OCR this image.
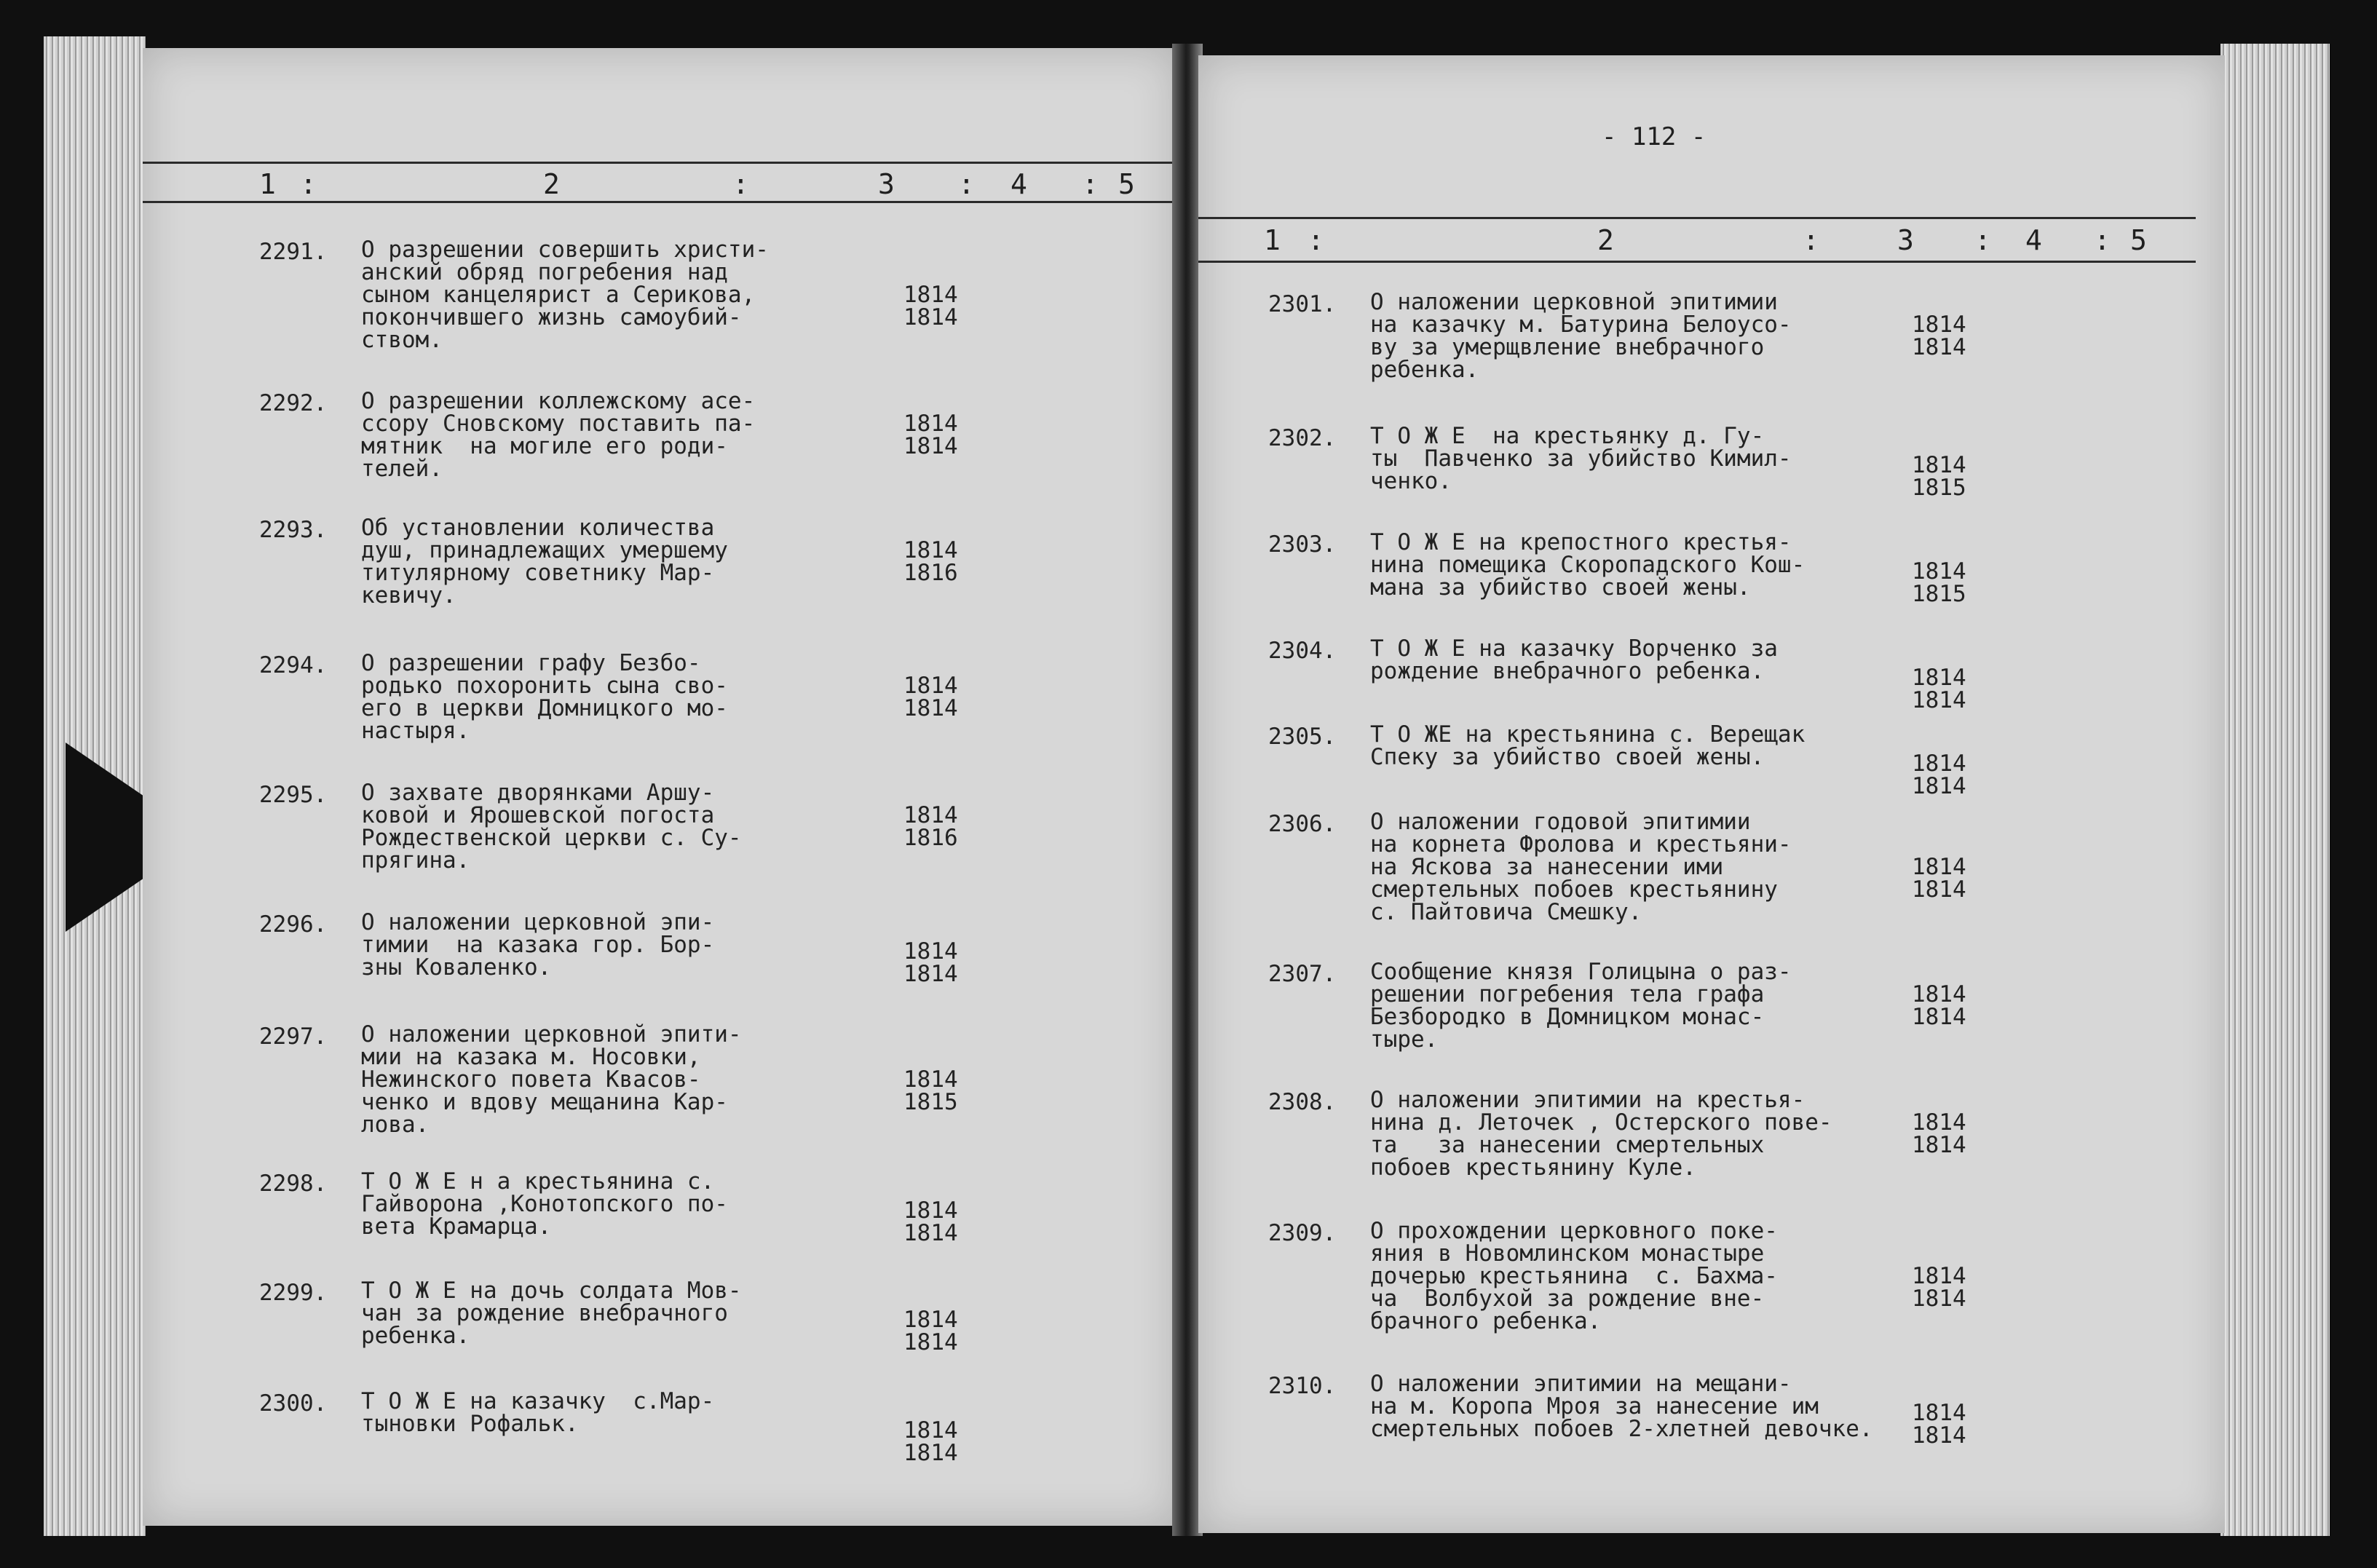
1 :	2	:	3 : 4 : 5
2291. О разрешении совершить христи-
анский обряд погребения над
сыном канцелярист а Серикова,
покончившего жизнь самоубий-
ством.
1814
1814
2292. О разрешении коллежскому асе-
ссору Сновскому поставить па-
мятник  на могиле его роди-
телей.
1814
1814
2293. Об установлении количества
душ, принадлежащих умершему
титулярному советнику Мар-
кевичу.
1814
1816
2294. О разрешении графу Безбо-
родько похоронить сына сво-
его в церкви Домницкого мо-
настыря.
1814
1814
2295. О захвате дворянками Аршу-
ковой и Ярошевской погоста
Рождественской церкви с. Су-
прягина.
1814
1816
2296. О наложении церковной эпи-
тимии  на казака гор. Бор-
зны Коваленко.
1814
1814
2297. О наложении церковной эпити-
мии на казака м. Носовки,
Нежинского повета Квасов-
ченко и вдову мещанина Кар-
лова.
1814
1815
2298. Т О Ж Е н а крестьянина с.
Гайворона ,Конотопского по-
вета Крамарца.
1814
1814
2299. Т О Ж Е на дочь солдата Мов-
чан за рождение внебрачного
ребенка.
1814
1814
2300. Т О Ж Е на казачку  с.Мар-
тыновки Рофальк.	1814
1814
- 112 -
1 :	2	:	3 : 4 : 5
2301. О наложении церковной эпитимии
на казачку м. Батурина Белоусо-
ву за умерщвление внебрачного
ребенка.
1814
1814
2302. Т О Ж Е  на крестьянку д. Гу-
ты  Павченко за убийство Кимил-
ченко.
1814
1815
2303. Т О Ж Е на крепостного крестья-
нина помещика Скоропадского Кош-
мана за убийство своей жены.
1814
1815
2304. Т О Ж Е на казачку Ворченко за
рождение внебрачного ребенка.	1814
1814
2305. Т О ЖЕ на крестьянина с. Верещак
Спеку за убийство своей жены.	1814
1814
2306. О наложении годовой эпитимии
на корнета Фролова и крестьяни-
на Яскова за нанесении ими
смертельных побоев крестьянину
с. Пайтовича Смешку.
1814
1814
2307. Сообщение князя Голицына о раз-
решении погребения тела графа
Безбородко в Домницком монас-
тыре.
1814
1814
2308. О наложении эпитимии на крестья-
нина д. Леточек , Остерского пове-
та   за нанесении смертельных
побоев крестьянину Куле.
1814
1814
2309. О прохождении церковного поке-
яния в Новомлинском монастыре
дочерью крестьянина  с. Бахма-
ча  Волбухой за рождение вне-
брачного ребенка.
1814
1814
2310. О наложении эпитимии на мещани-
на м. Коропа Мроя за нанесение им
смертельных побоев 2-хлетней девочке.
1814
1814
